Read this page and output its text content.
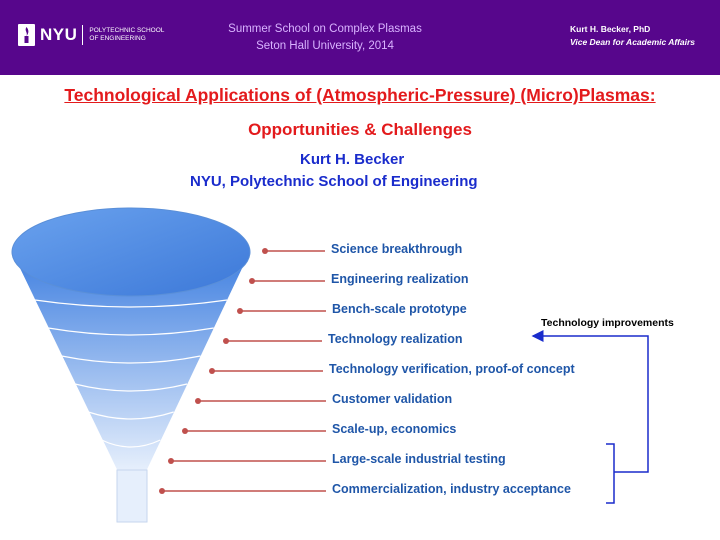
NYU POLYTECHNIC SCHOOL
OF ENGINEERING
Summer School on Complex Plasmas
Seton Hall University, 2014
Kurt H. Becker, PhD
Vice Dean for Academic Affairs
Technological Applications of (Atmospheric-Pressure) (Micro)Plasmas:
Opportunities & Challenges
Kurt H. Becker
NYU, Polytechnic School of Engineering
Science breakthrough
Engineering realization
Bench-scale prototype
Technology realization
Technology verification, proof-of concept
Customer validation
Scale-up, economics
Large-scale industrial testing
Commercialization, industry acceptance
Technology improvements
